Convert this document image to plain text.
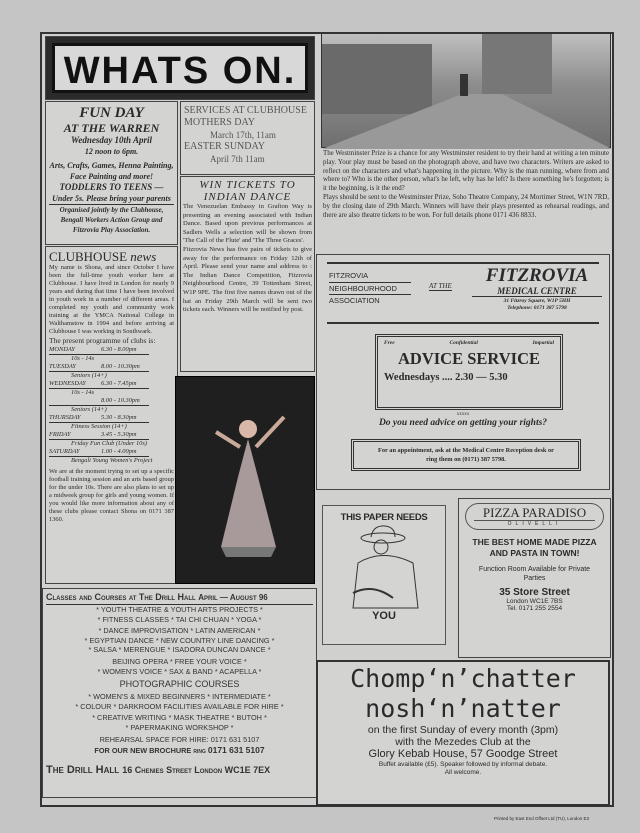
WHATS ON.
FUN DAY
AT THE WARREN
Wednesday 10th April
12 noon to 6pm.
Arts, Crafts, Games, Henna Painting, Face Painting and more!
TODDLERS TO TEENS —
Under 5s. Please bring your parents
Organised jointly by the Clubhouse, Bengali Workers Action Group and Fitzrovia Play Association.
SERVICES AT CLUBHOUSE
MOTHERS DAY
March 17th, 11am
EASTER SUNDAY
April 7th 11am
WIN TICKETS TO INDIAN DANCE

The Venezuelan Embassy in Grafton Way is presenting an evening associated with Indian Dance. Based upon previous performances at Sadlers Wells a selection will be shown from 'The Call of the Flute' and 'The Three Graces'.

Fitzrovia News has five pairs of tickets to give away for the performance on Friday 12th of April. Please send your name and address to : The Indian Dance Competition, Fitzrovia Neighbourhood Centre, 39 Tottenham Street, W1P 9PE. The first five names drawn out of the hat an Friday 29th March will be sent two tickets each. Winners will be notified by post.

CLUBHOUSE news

My name is Shona, and since October I have been the full-time youth worker here at Clubhouse. I have lived in London for nearly 9 years and during that time I have been involved in youth work in a number of different areas. I completed my youth and community work training at the YMCA National College in Walthamstow in 1994 and before arriving at Clubhouse I was working in Southwark.

The present programme of clubs is:

MONDAY	6.30 - 8.00pm
10s - 14s
TUESDAY	8.00 - 10.30pm
Seniors (14+)
WEDNESDAY	6.30 - 7.45pm
10s - 14s
8.00 - 10.30pm
Seniors (14+)
THURSDAY	5.30 - 8.30pm
Fitness Session (14+)
FRIDAY	3.45 - 5.30pm
Friday Fun Club (Under 10s)
SATURDAY	1.00 - 4.00pm
Bengali Young Women's Project

We are at the moment trying to set up a specific football training session and an arts based group for the under 10s. There are also plans to set up a midweek group for girls and young women. If you would like more information about any of these clubs please contact Shona on 0171 387 1360.

Classes and Courses at The Drill Hall April — August 96
* YOUTH THEATRE & YOUTH ARTS PROJECTS *
* FITNESS CLASSES * TAI CHI CHUAN * YOGA *
* DANCE IMPROVISATION * LATIN AMERICAN *
* EGYPTIAN DANCE * NEW COUNTRY LINE DANCING *
* SALSA * MERENGUE * ISADORA DUNCAN DANCE *
BEIJING OPERA * FREE YOUR VOICE *
* WOMEN'S VOICE * SAX & BAND * ACAPELLA *
PHOTOGRAPHIC COURSES
* WOMEN'S & MIXED BEGINNERS * INTERMEDIATE *
* COLOUR * DARKROOM FACILITIES AVAILABLE FOR HIRE *
* CREATIVE WRITING * MASK THEATRE * BUTOH *
* PAPERMAKING WORKSHOP *
REHEARSAL SPACE FOR HIRE: 0171 631 5107
FOR OUR NEW BROCHURE RING 0171 631 5107
The Drill Hall 16 Chenies Street London WC1E 7EX

The Westminster Prize is a chance for any Westminster resident to try their hand at writing a ten minute play. Your play must be based on the photograph above, and have two characters. Writers are asked to reflect on the characters and what's happening in the picture. Why is the man running, where from and where to? Who is the other person, what's he left, why has he left? Is there something he's forgotten; is it the beginning, is it the end?

Plays should be sent to the Westminster Prize, Soho Theatre Company, 24 Mortimer Street, W1N 7RD, by the closing date of 29th March. Winners will have their plays presented as rehearsal readings, and there are also theatre tickets to be won. For full details phone 0171 436 8833.

FITZROVIA
NEIGHBOURHOOD
ASSOCIATION
AT THE	FITZROVIA
MEDICAL CENTRE
31 Fitzroy Square, W1P 5HH
Telephone: 0171 387 5798
Free	Confidential	Impartial
ADVICE SERVICE
Wednesdays .... 2.30 — 5.30
xxxxx
Do you need advice on getting your rights?
For an appointment, ask at the Medical Centre Reception desk or ring them on (0171) 387 5798.
THIS PAPER NEEDS
YOU
PIZZA PARADISO
OLIVELLI
THE BEST HOME MADE PIZZA AND PASTA IN TOWN!
Function Room Available for Private Parties
35 Store Street
London WC1E 7BS
Tel. 0171 255 2554
Chomp‘n’chatter
nosh‘n’natter
on the first Sunday of every month (3pm)
with the Mezedes Club at the
Glory Kebab House, 57 Goodge Street
Buffet available (£5). Speaker followed by informal debate.
All welcome.
Printed by East End Offset Ltd (TU), London E3
